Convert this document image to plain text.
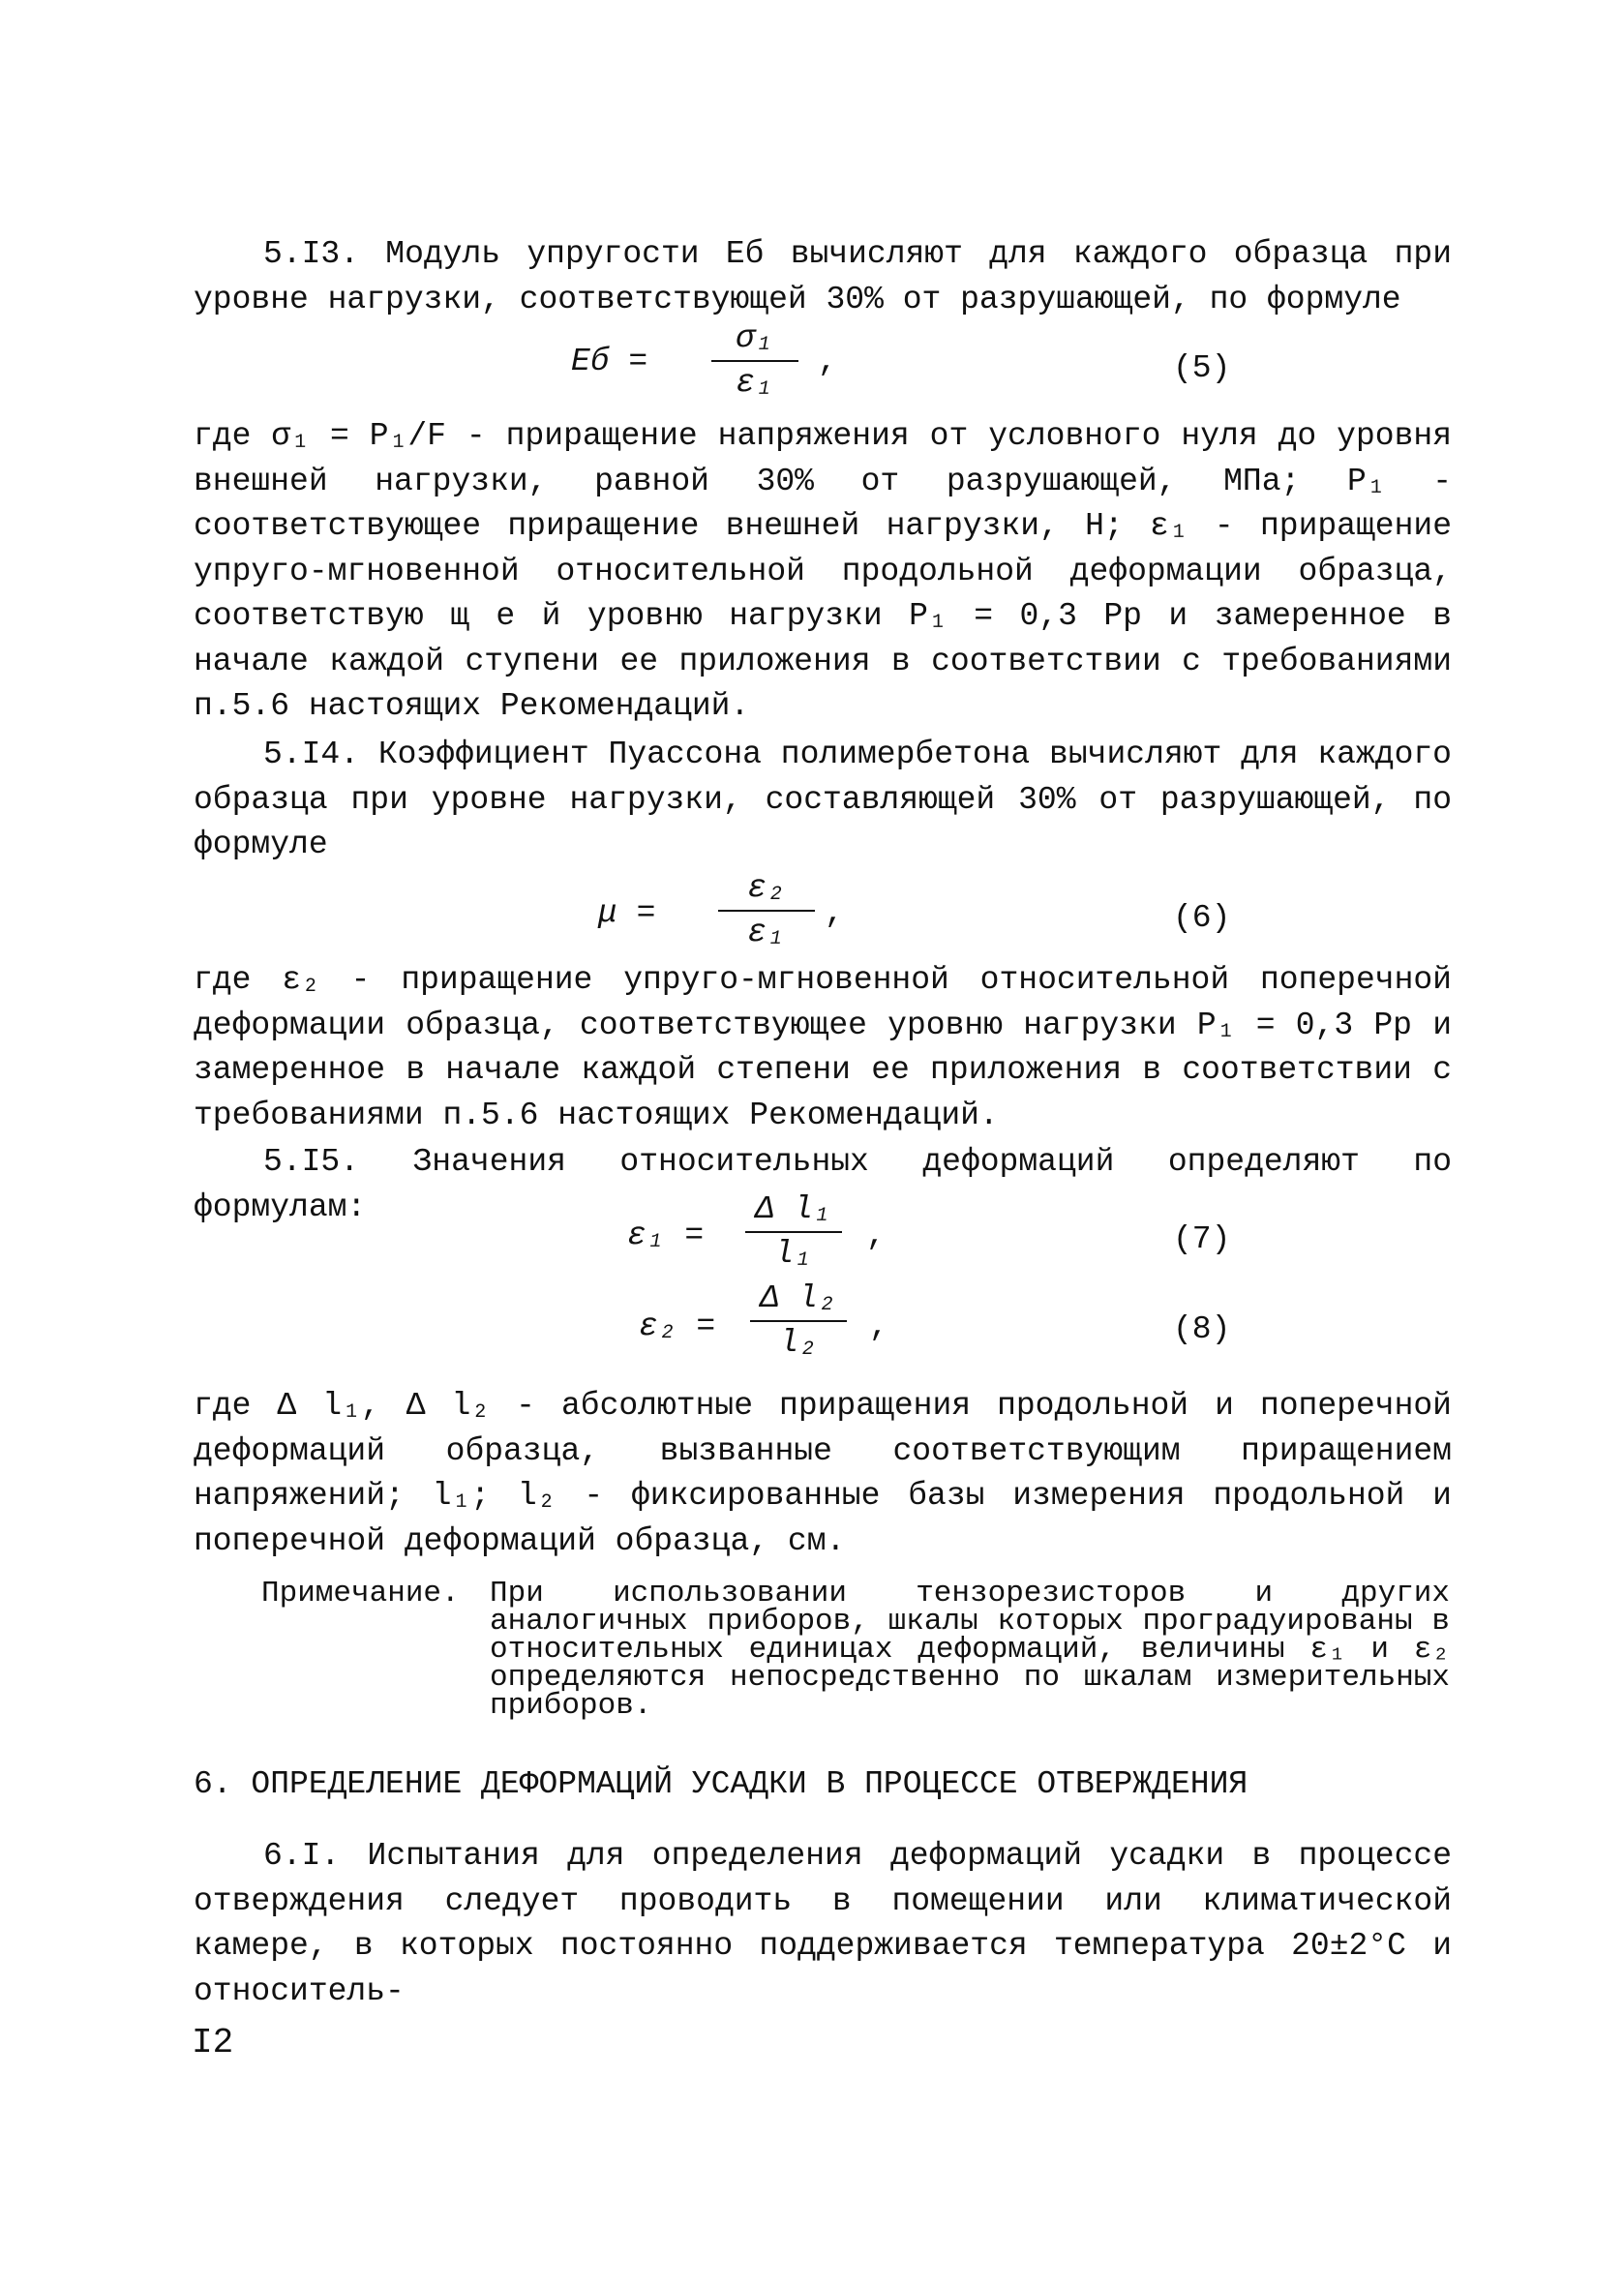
5.I3. Модуль упругости Eб вычисляют для каждого образца при уровне нагрузки, соответствующей 30% от разрушающей, по формуле
Eб =
σ₁
ε₁
,	(5)
где σ₁ = P₁/F - приращение напряжения от условного нуля до уровня внешней нагрузки, равной 30% от разрушающей, МПа; P₁ - соответствующее приращение внешней нагрузки, Н; ε₁ - приращение упруго-мгновенной относительной продольной деформации образца, соответствую щ е й уровню нагрузки P₁ = 0,3 Pр и замеренное в начале каждой ступени ее приложения в соответствии с требованиями п.5.6 настоящих Рекомендаций.
5.I4. Коэффициент Пуассона полимербетона вычисляют для каждого образца при уровне нагрузки, составляющей 30% от разрушающей, по формуле
μ =
ε₂
ε₁
,	(6)
где ε₂ - приращение упруго-мгновенной относительной поперечной деформации образца, соответствующее уровню нагрузки P₁ = 0,3 Pр и замеренное в начале каждой степени ее приложения в соответствии с требованиями п.5.6 настоящих Рекомендаций.
5.I5. Значения относительных деформаций определяют по формулам:
ε₁ =
Δ l₁
l₁
,	(7)
ε₂ =
Δ l₂
l₂	,	(8)
где Δ l₁, Δ l₂ - абсолютные приращения продольной и поперечной деформаций образца, вызванные соответствующим приращением напряжений; l₁; l₂ - фиксированные базы измерения продольной и поперечной деформаций образца, см.
Примечание. При использовании тензорезисторов и других аналогичных приборов, шкалы которых проградуированы в относительных единицах деформаций, величины ε₁ и ε₂ определяются непосредственно по шкалам измерительных приборов.
6. ОПРЕДЕЛЕНИЕ ДЕФОРМАЦИЙ УСАДКИ В ПРОЦЕССЕ ОТВЕРЖДЕНИЯ
6.I. Испытания для определения деформаций усадки в процессе отверждения следует проводить в помещении или климатической камере, в которых постоянно поддерживается температура 20±2°С и относитель-
I2
